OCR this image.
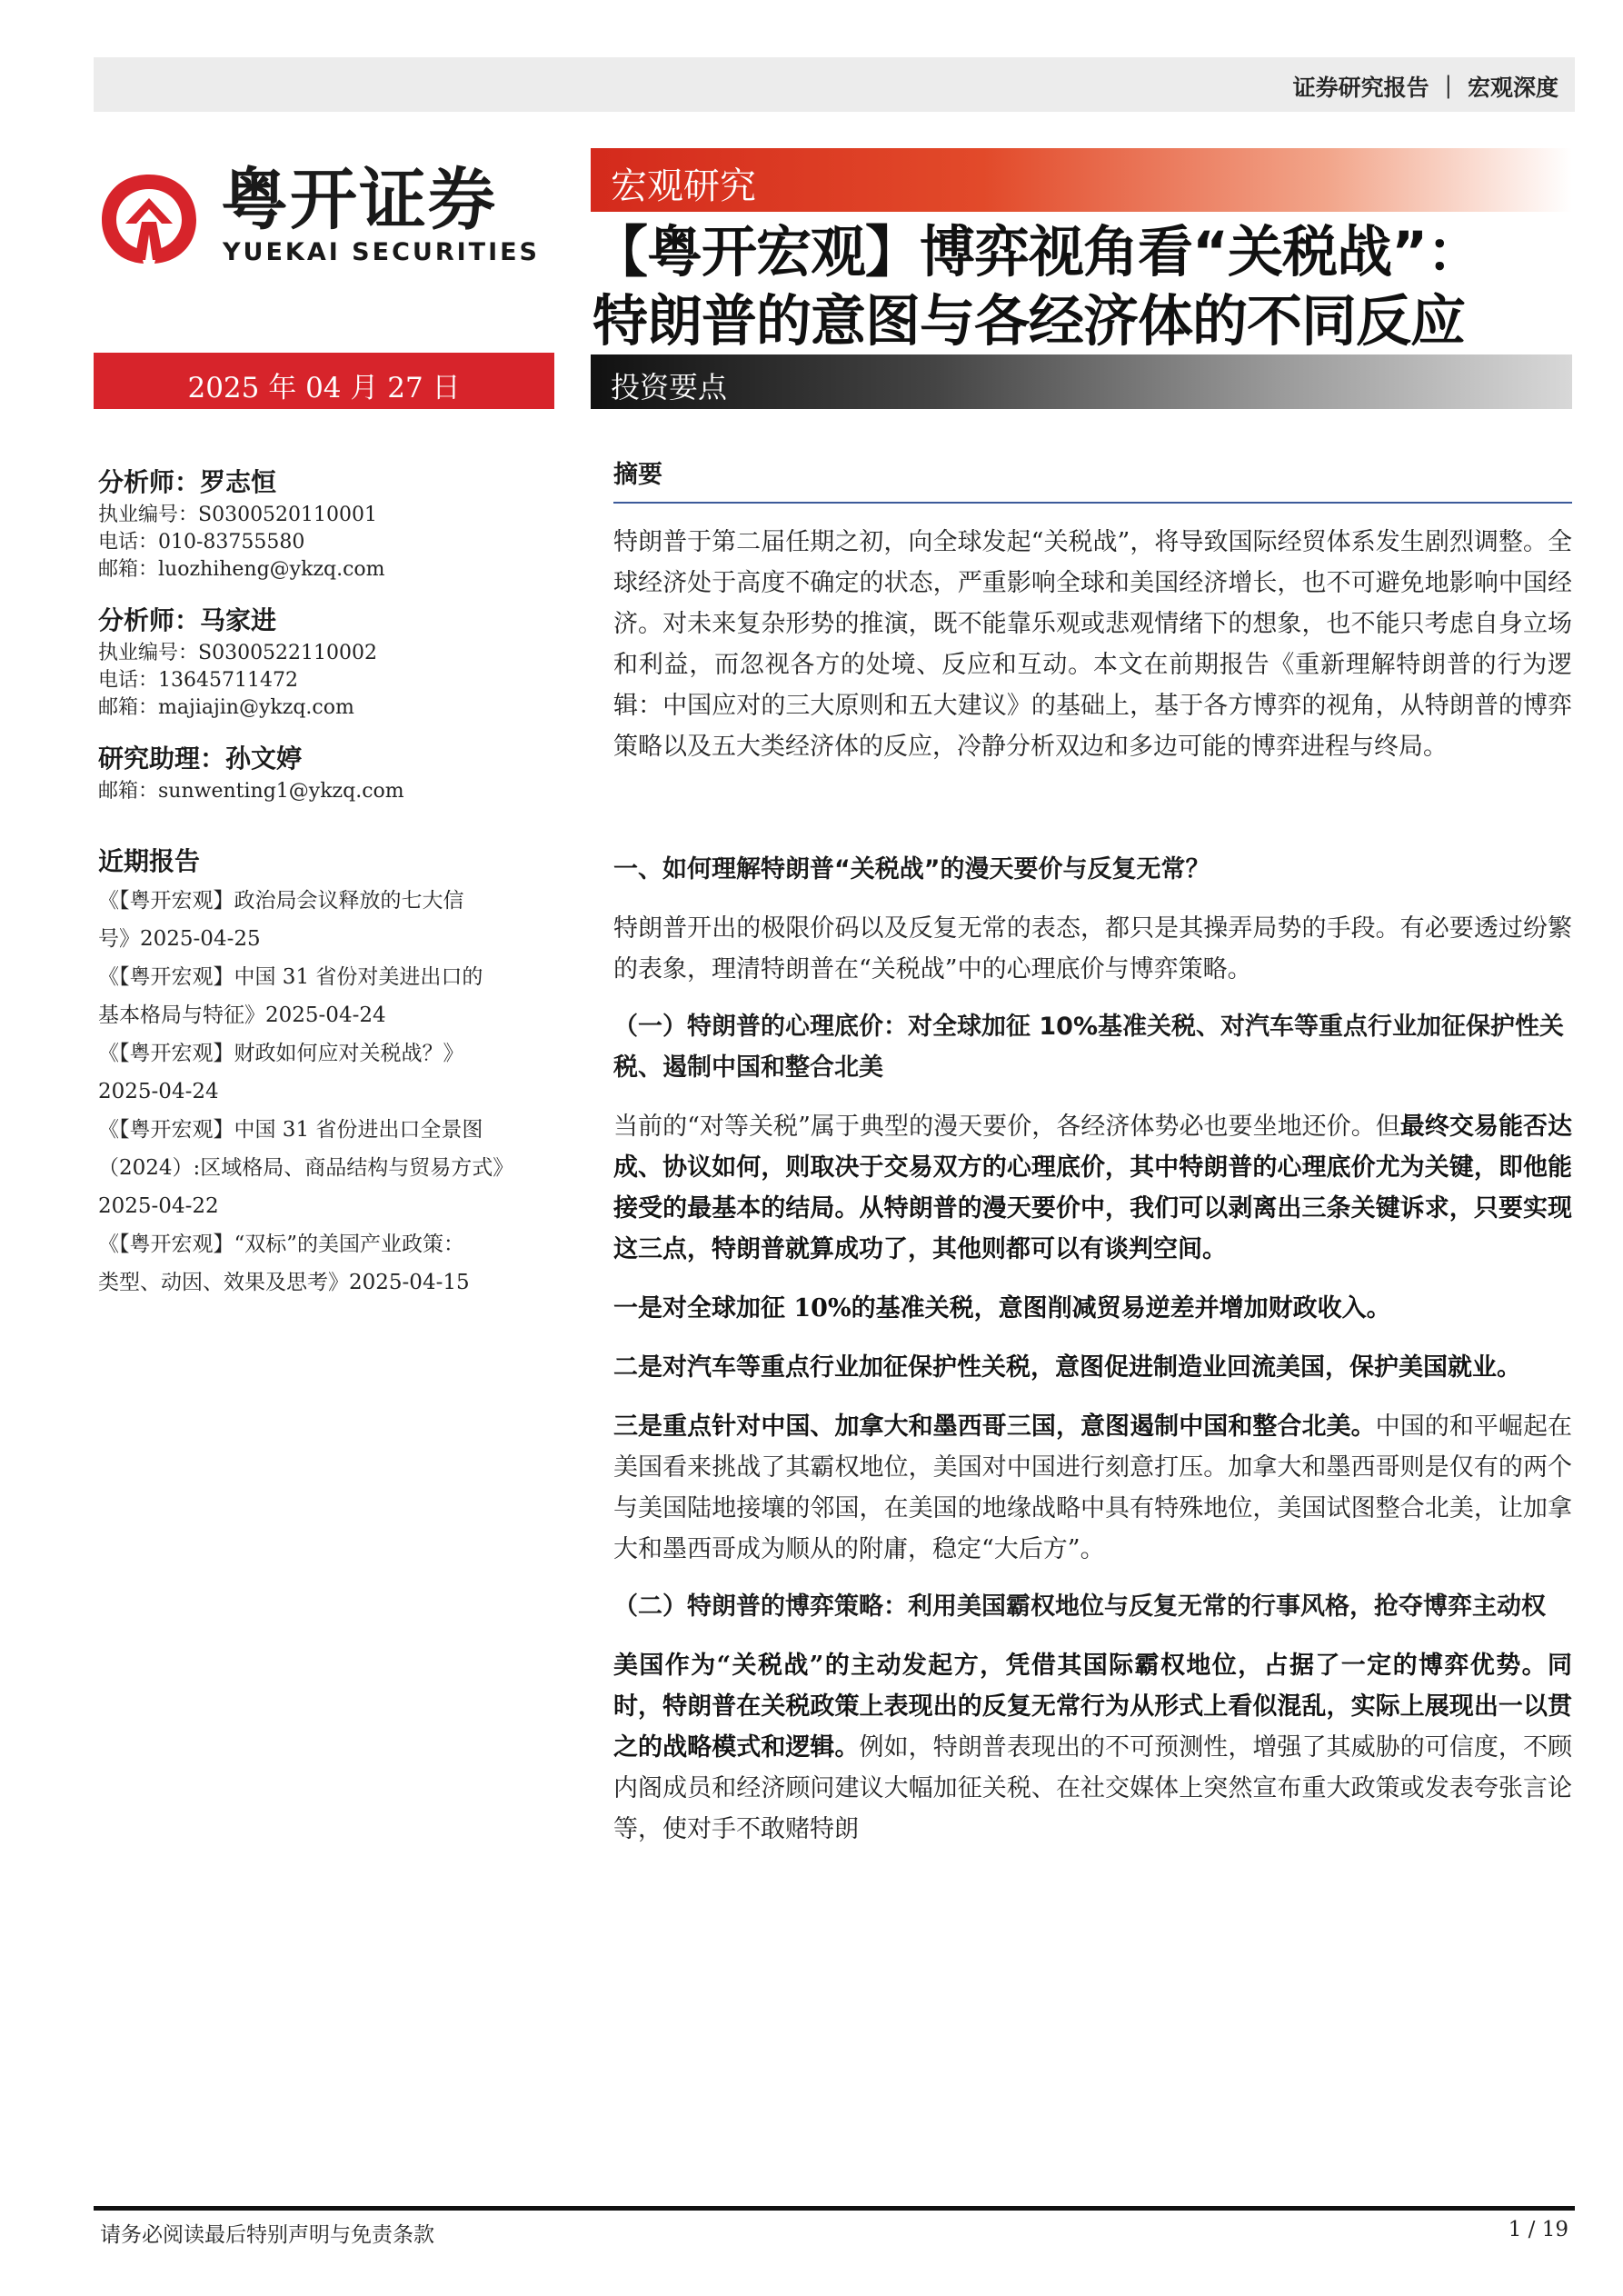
证券研究报告 ｜ 宏观深度
粤开证券
YUEKAI SECURITIES
宏观研究
【粤开宏观】博弈视角看“关税战”：
特朗普的意图与各经济体的不同反应
2025 年 04 月 27 日	投资要点
分析师：罗志恒
执业编号：S0300520110001
电话：010-83755580
邮箱：luozhiheng@ykzq.com
分析师：马家进
执业编号：S0300522110002
电话：13645711472
邮箱：majiajin@ykzq.com
研究助理：孙文婷
邮箱：sunwenting1@ykzq.com
近期报告
《【粤开宏观】政治局会议释放的七大信
号》2025-04-25
《【粤开宏观】中国 31 省份对美进出口的
基本格局与特征》2025-04-24
《【粤开宏观】财政如何应对关税战？》
2025-04-24
《【粤开宏观】中国 31 省份进出口全景图
（2024）:区域格局、商品结构与贸易方式》
2025-04-22
《【粤开宏观】“双标”的美国产业政策：
类型、动因、效果及思考》2025-04-15
摘要

特朗普于第二届任期之初，向全球发起“关税战”，将导致国际经贸体系发生剧烈调整。全球经济处于高度不确定的状态，严重影响全球和美国经济增长，也不可避免地影响中国经济。对未来复杂形势的推演，既不能靠乐观或悲观情绪下的想象，也不能只考虑自身立场和利益，而忽视各方的处境、反应和互动。本文在前期报告《重新理解特朗普的行为逻辑：中国应对的三大原则和五大建议》的基础上，基于各方博弈的视角，从特朗普的博弈策略以及五大类经济体的反应，冷静分析双边和多边可能的博弈进程与终局。

一、如何理解特朗普“关税战”的漫天要价与反复无常？

特朗普开出的极限价码以及反复无常的表态，都只是其操弄局势的手段。有必要透过纷繁的表象，理清特朗普在“关税战”中的心理底价与博弈策略。

（一）特朗普的心理底价：对全球加征 10%基准关税、对汽车等重点行业加征保护性关税、遏制中国和整合北美

当前的“对等关税”属于典型的漫天要价，各经济体势必也要坐地还价。但最终交易能否达成、协议如何，则取决于交易双方的心理底价，其中特朗普的心理底价尤为关键，即他能接受的最基本的结局。从特朗普的漫天要价中，我们可以剥离出三条关键诉求，只要实现这三点，特朗普就算成功了，其他则都可以有谈判空间。

一是对全球加征 10%的基准关税，意图削减贸易逆差并增加财政收入。

二是对汽车等重点行业加征保护性关税，意图促进制造业回流美国，保护美国就业。

三是重点针对中国、加拿大和墨西哥三国，意图遏制中国和整合北美。中国的和平崛起在美国看来挑战了其霸权地位，美国对中国进行刻意打压。加拿大和墨西哥则是仅有的两个与美国陆地接壤的邻国，在美国的地缘战略中具有特殊地位，美国试图整合北美，让加拿大和墨西哥成为顺从的附庸，稳定“大后方”。

（二）特朗普的博弈策略：利用美国霸权地位与反复无常的行事风格，抢夺博弈主动权

美国作为“关税战”的主动发起方，凭借其国际霸权地位，占据了一定的博弈优势。同时，特朗普在关税政策上表现出的反复无常行为从形式上看似混乱，实际上展现出一以贯之的战略模式和逻辑。例如，特朗普表现出的不可预测性，增强了其威胁的可信度，不顾内阁成员和经济顾问建议大幅加征关税、在社交媒体上突然宣布重大政策或发表夸张言论等，使对手不敢赌特朗

请务必阅读最后特别声明与免责条款	1 / 19
